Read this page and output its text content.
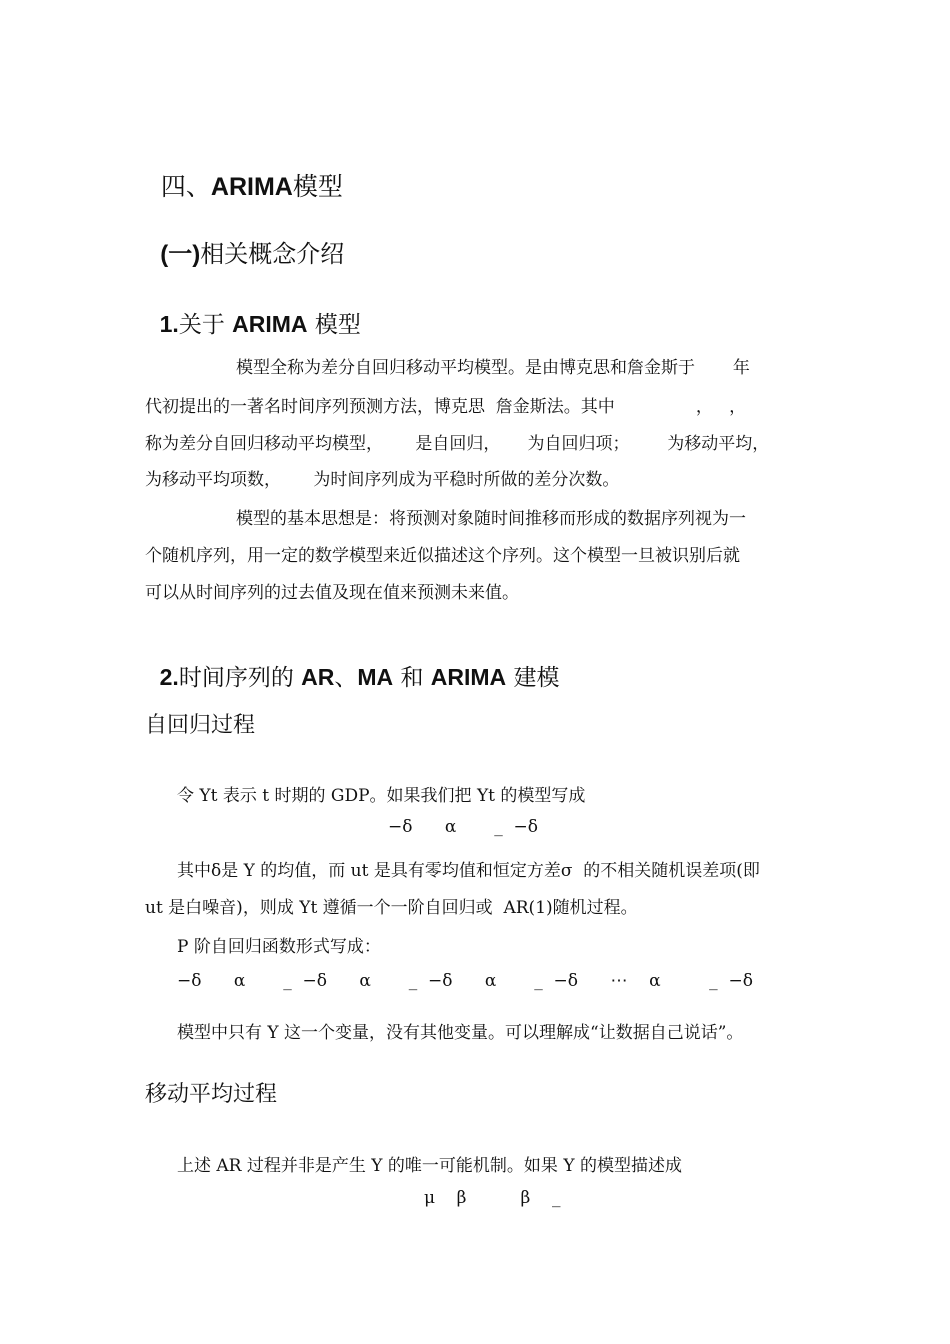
四、ARIMA模型

(一)相关概念介绍

1.关于 ARIMA 模型

模型全称为差分自回归移动平均模型。是由博克思和詹金斯于       年

代初提出的一著名时间序列预测方法，博克思  詹金斯法。其中               ，   ，

称为差分自回归移动平均模型，      是自回归，     为自回归项；       为移动平均，

为移动平均项数，      为时间序列成为平稳时所做的差分次数。

模型的基本思想是：将预测对象随时间推移而形成的数据序列视为一

个随机序列，用一定的数学模型来近似描述这个序列。这个模型一旦被识别后就

可以从时间序列的过去值及现在值来预测未来值。

2.时间序列的 AR、MA 和 ARIMA 建模

自回归过程

令 Yt 表示 t 时期的 GDP。如果我们把 Yt 的模型写成

−δ      α       _  −δ

其中δ是 Y 的均值，而 ut 是具有零均值和恒定方差σ  的不相关随机误差项(即

ut 是白噪音)，则成 Yt 遵循一个一阶自回归或  AR(1)随机过程。

P 阶自回归函数形式写成：

−δ      α       _  −δ      α       _  −δ      α       _  −δ      ⋯    α         _  −δ

模型中只有 Y 这一个变量，没有其他变量。可以理解成“让数据自己说话”。

移动平均过程

上述 AR 过程并非是产生 Y 的唯一可能机制。如果 Y 的模型描述成

μ    β          β    _
